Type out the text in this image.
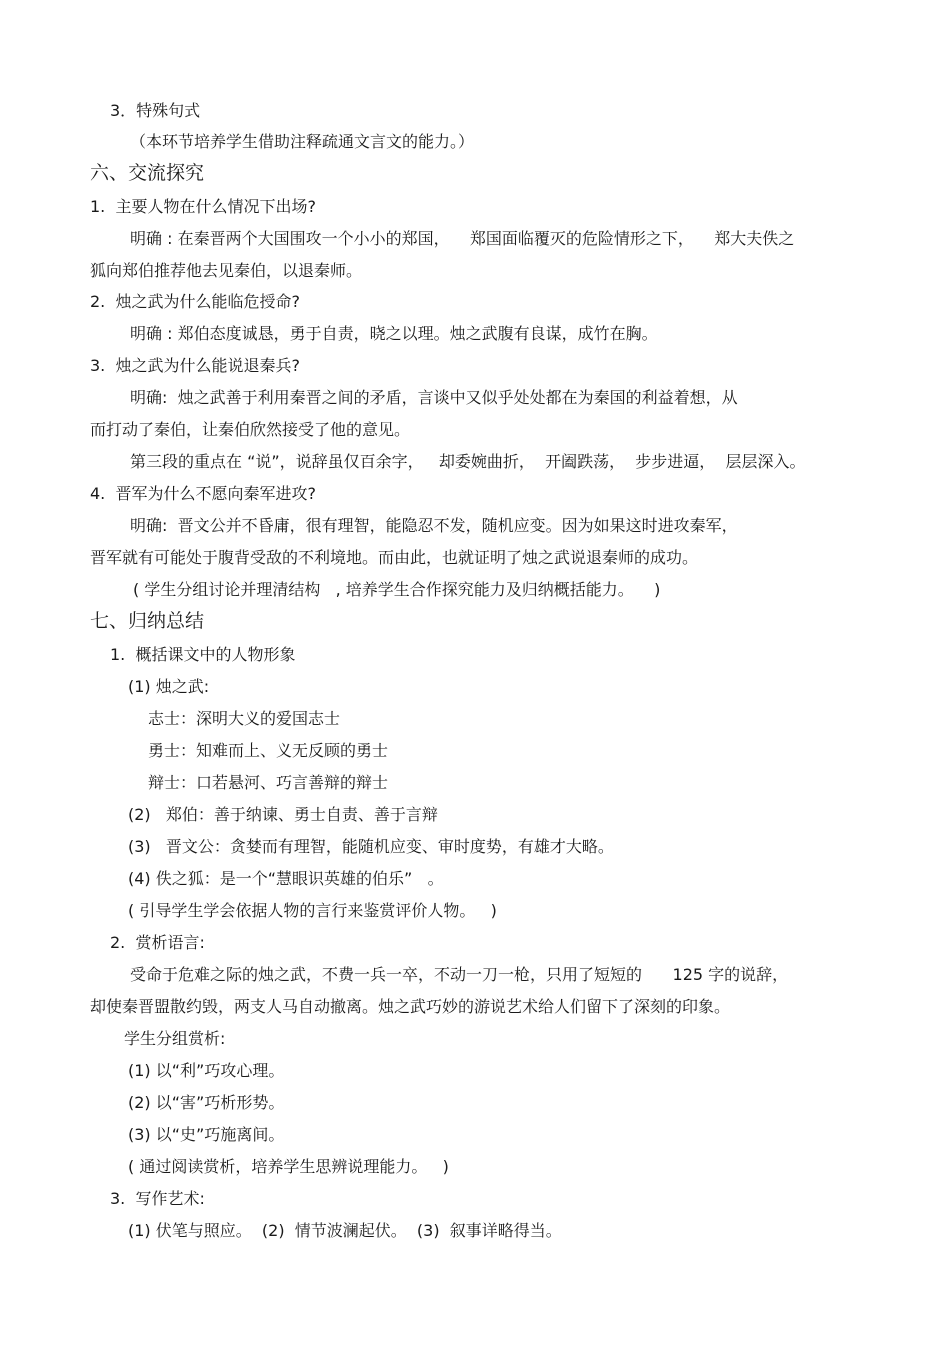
3．特殊句式
（本环节培养学生借助注释疏通文言文的能力。）
六、交流探究
1.  主要人物在什么情况下出场?
明确 : 在秦晋两个大国围攻一个小小的郑国，    郑国面临覆灭的危险情形之下，    郑大夫佚之
狐向郑伯推荐他去见秦伯，以退秦师。
2.  烛之武为什么能临危授命?
明确 : 郑伯态度诚恳，勇于自责，晓之以理。烛之武腹有良谋，成竹在胸。
3.  烛之武为什么能说退秦兵?
明确:  烛之武善于利用秦晋之间的矛盾，言谈中又似乎处处都在为秦国的利益着想，从
而打动了秦伯，让秦伯欣然接受了他的意见。
第三段的重点在 “说”，说辞虽仅百余字，   却委婉曲折，  开阖跌荡，  步步进逼，  层层深入。
4.  晋军为什么不愿向秦军进攻?
明确:  晋文公并不昏庸，很有理智，能隐忍不发，随机应变。因为如果这时进攻秦军，
晋军就有可能处于腹背受敌的不利境地。而由此，也就证明了烛之武说退秦师的成功。
( 学生分组讨论并理清结构   , 培养学生合作探究能力及归纳概括能力。    )
七、归纳总结
1.  概括课文中的人物形象
(1) 烛之武:
志士：深明大义的爱国志士
勇士：知难而上、义无反顾的勇士
辩士：口若悬河、巧言善辩的辩士
(2)   郑伯：善于纳谏、勇士自责、善于言辩
(3)   晋文公：贪婪而有理智，能随机应变、审时度势，有雄才大略。
(4) 佚之狐：是一个“慧眼识英雄的伯乐”   。
( 引导学生学会依据人物的言行来鉴赏评价人物。   )
2.  赏析语言:
受命于危难之际的烛之武，不费一兵一卒，不动一刀一枪，只用了短短的      125 字的说辞，
却使秦晋盟散约毁，两支人马自动撤离。烛之武巧妙的游说艺术给人们留下了深刻的印象。
学生分组赏析:
(1) 以“利”巧攻心理。
(2) 以“害”巧析形势。
(3) 以“史”巧施离间。
( 通过阅读赏析，培养学生思辨说理能力。   )
3.  写作艺术:
(1) 伏笔与照应。  (2)  情节波澜起伏。  (3)  叙事详略得当。
